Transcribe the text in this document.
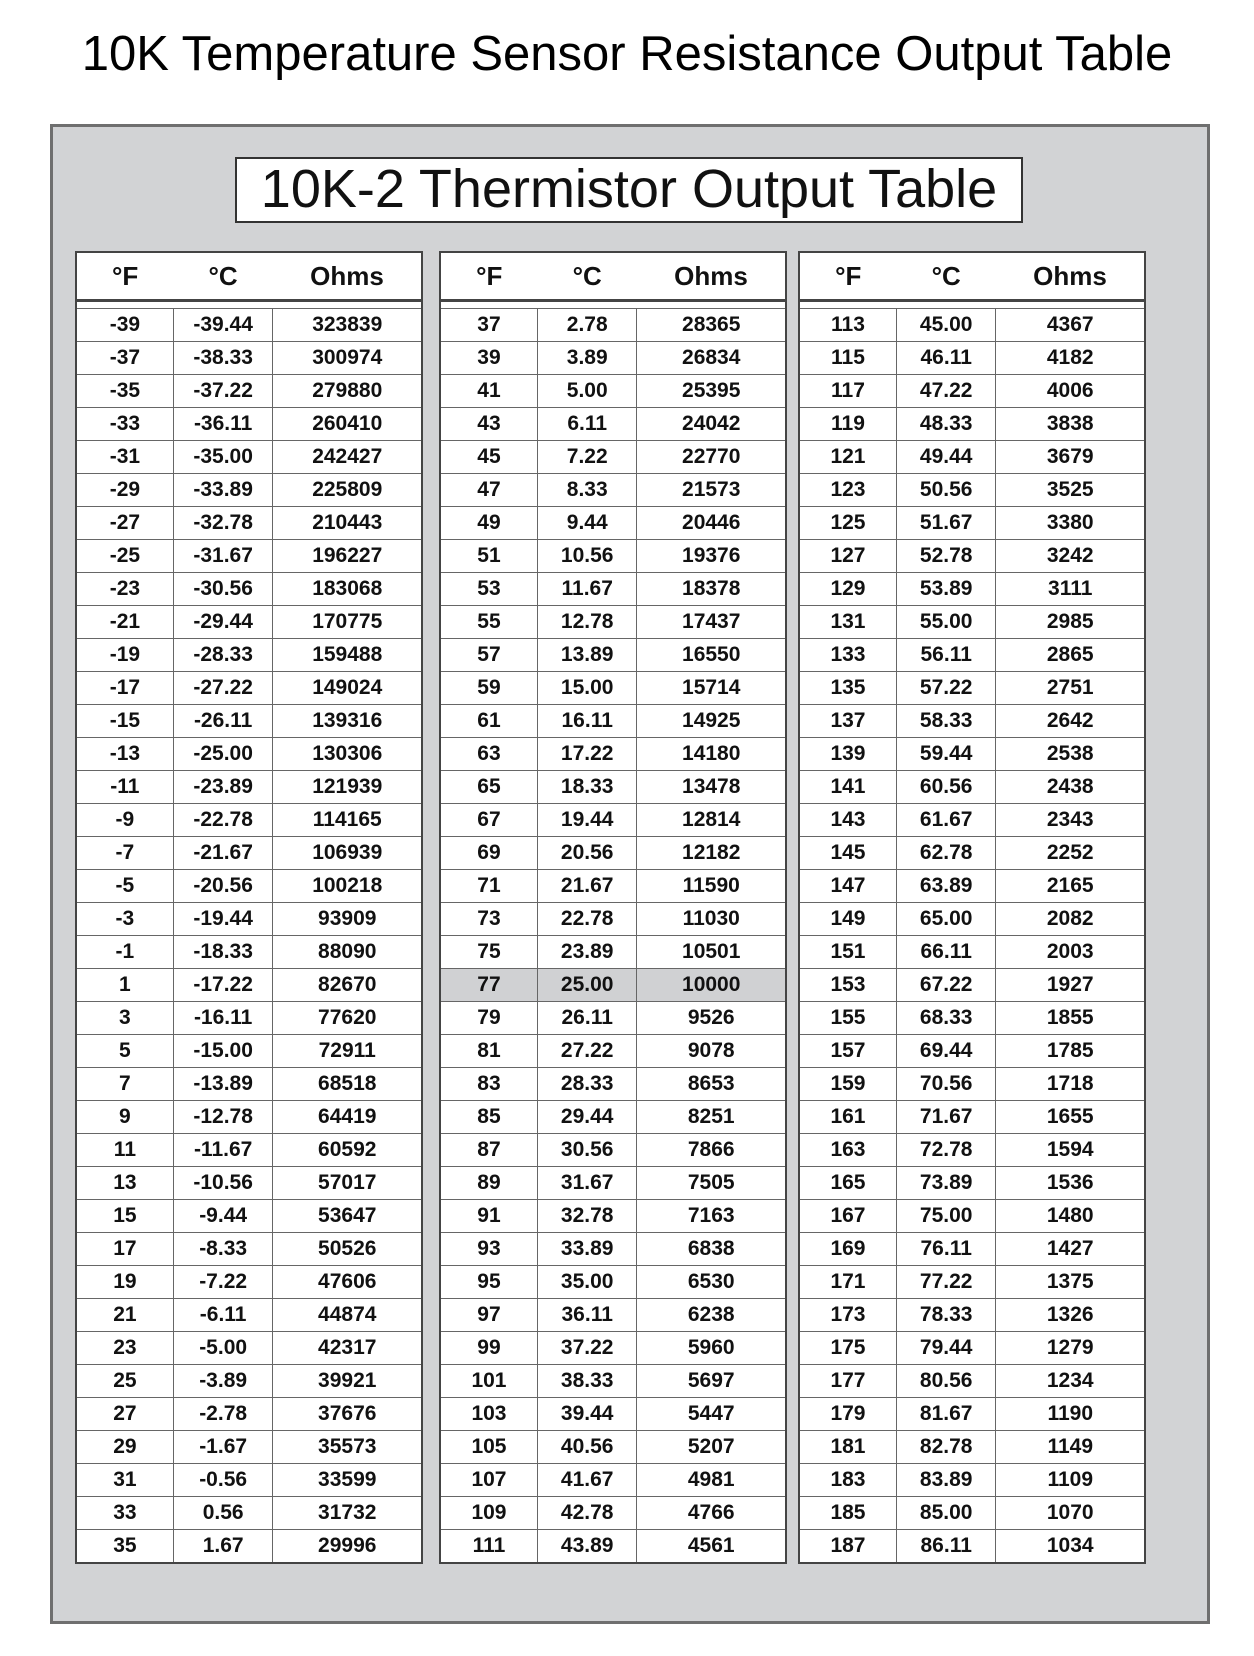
10K Temperature Sensor Resistance Output Table
10K-2 Thermistor Output Table
°F	°C	Ohms

-39	-39.44	323839
-37	-38.33	300974
-35	-37.22	279880
-33	-36.11	260410
-31	-35.00	242427
-29	-33.89	225809
-27	-32.78	210443
-25	-31.67	196227
-23	-30.56	183068
-21	-29.44	170775
-19	-28.33	159488
-17	-27.22	149024
-15	-26.11	139316
-13	-25.00	130306
-11	-23.89	121939
-9	-22.78	114165
-7	-21.67	106939
-5	-20.56	100218
-3	-19.44	93909
-1	-18.33	88090
1	-17.22	82670
3	-16.11	77620
5	-15.00	72911
7	-13.89	68518
9	-12.78	64419
11	-11.67	60592
13	-10.56	57017
15	-9.44	53647
17	-8.33	50526
19	-7.22	47606
21	-6.11	44874
23	-5.00	42317
25	-3.89	39921
27	-2.78	37676
29	-1.67	35573
31	-0.56	33599
33	0.56	31732
35	1.67	29996
°F	°C	Ohms

37	2.78	28365
39	3.89	26834
41	5.00	25395
43	6.11	24042
45	7.22	22770
47	8.33	21573
49	9.44	20446
51	10.56	19376
53	11.67	18378
55	12.78	17437
57	13.89	16550
59	15.00	15714
61	16.11	14925
63	17.22	14180
65	18.33	13478
67	19.44	12814
69	20.56	12182
71	21.67	11590
73	22.78	11030
75	23.89	10501
77	25.00	10000
79	26.11	9526
81	27.22	9078
83	28.33	8653
85	29.44	8251
87	30.56	7866
89	31.67	7505
91	32.78	7163
93	33.89	6838
95	35.00	6530
97	36.11	6238
99	37.22	5960
101	38.33	5697
103	39.44	5447
105	40.56	5207
107	41.67	4981
109	42.78	4766
111	43.89	4561
°F	°C	Ohms

113	45.00	4367
115	46.11	4182
117	47.22	4006
119	48.33	3838
121	49.44	3679
123	50.56	3525
125	51.67	3380
127	52.78	3242
129	53.89	3111
131	55.00	2985
133	56.11	2865
135	57.22	2751
137	58.33	2642
139	59.44	2538
141	60.56	2438
143	61.67	2343
145	62.78	2252
147	63.89	2165
149	65.00	2082
151	66.11	2003
153	67.22	1927
155	68.33	1855
157	69.44	1785
159	70.56	1718
161	71.67	1655
163	72.78	1594
165	73.89	1536
167	75.00	1480
169	76.11	1427
171	77.22	1375
173	78.33	1326
175	79.44	1279
177	80.56	1234
179	81.67	1190
181	82.78	1149
183	83.89	1109
185	85.00	1070
187	86.11	1034
